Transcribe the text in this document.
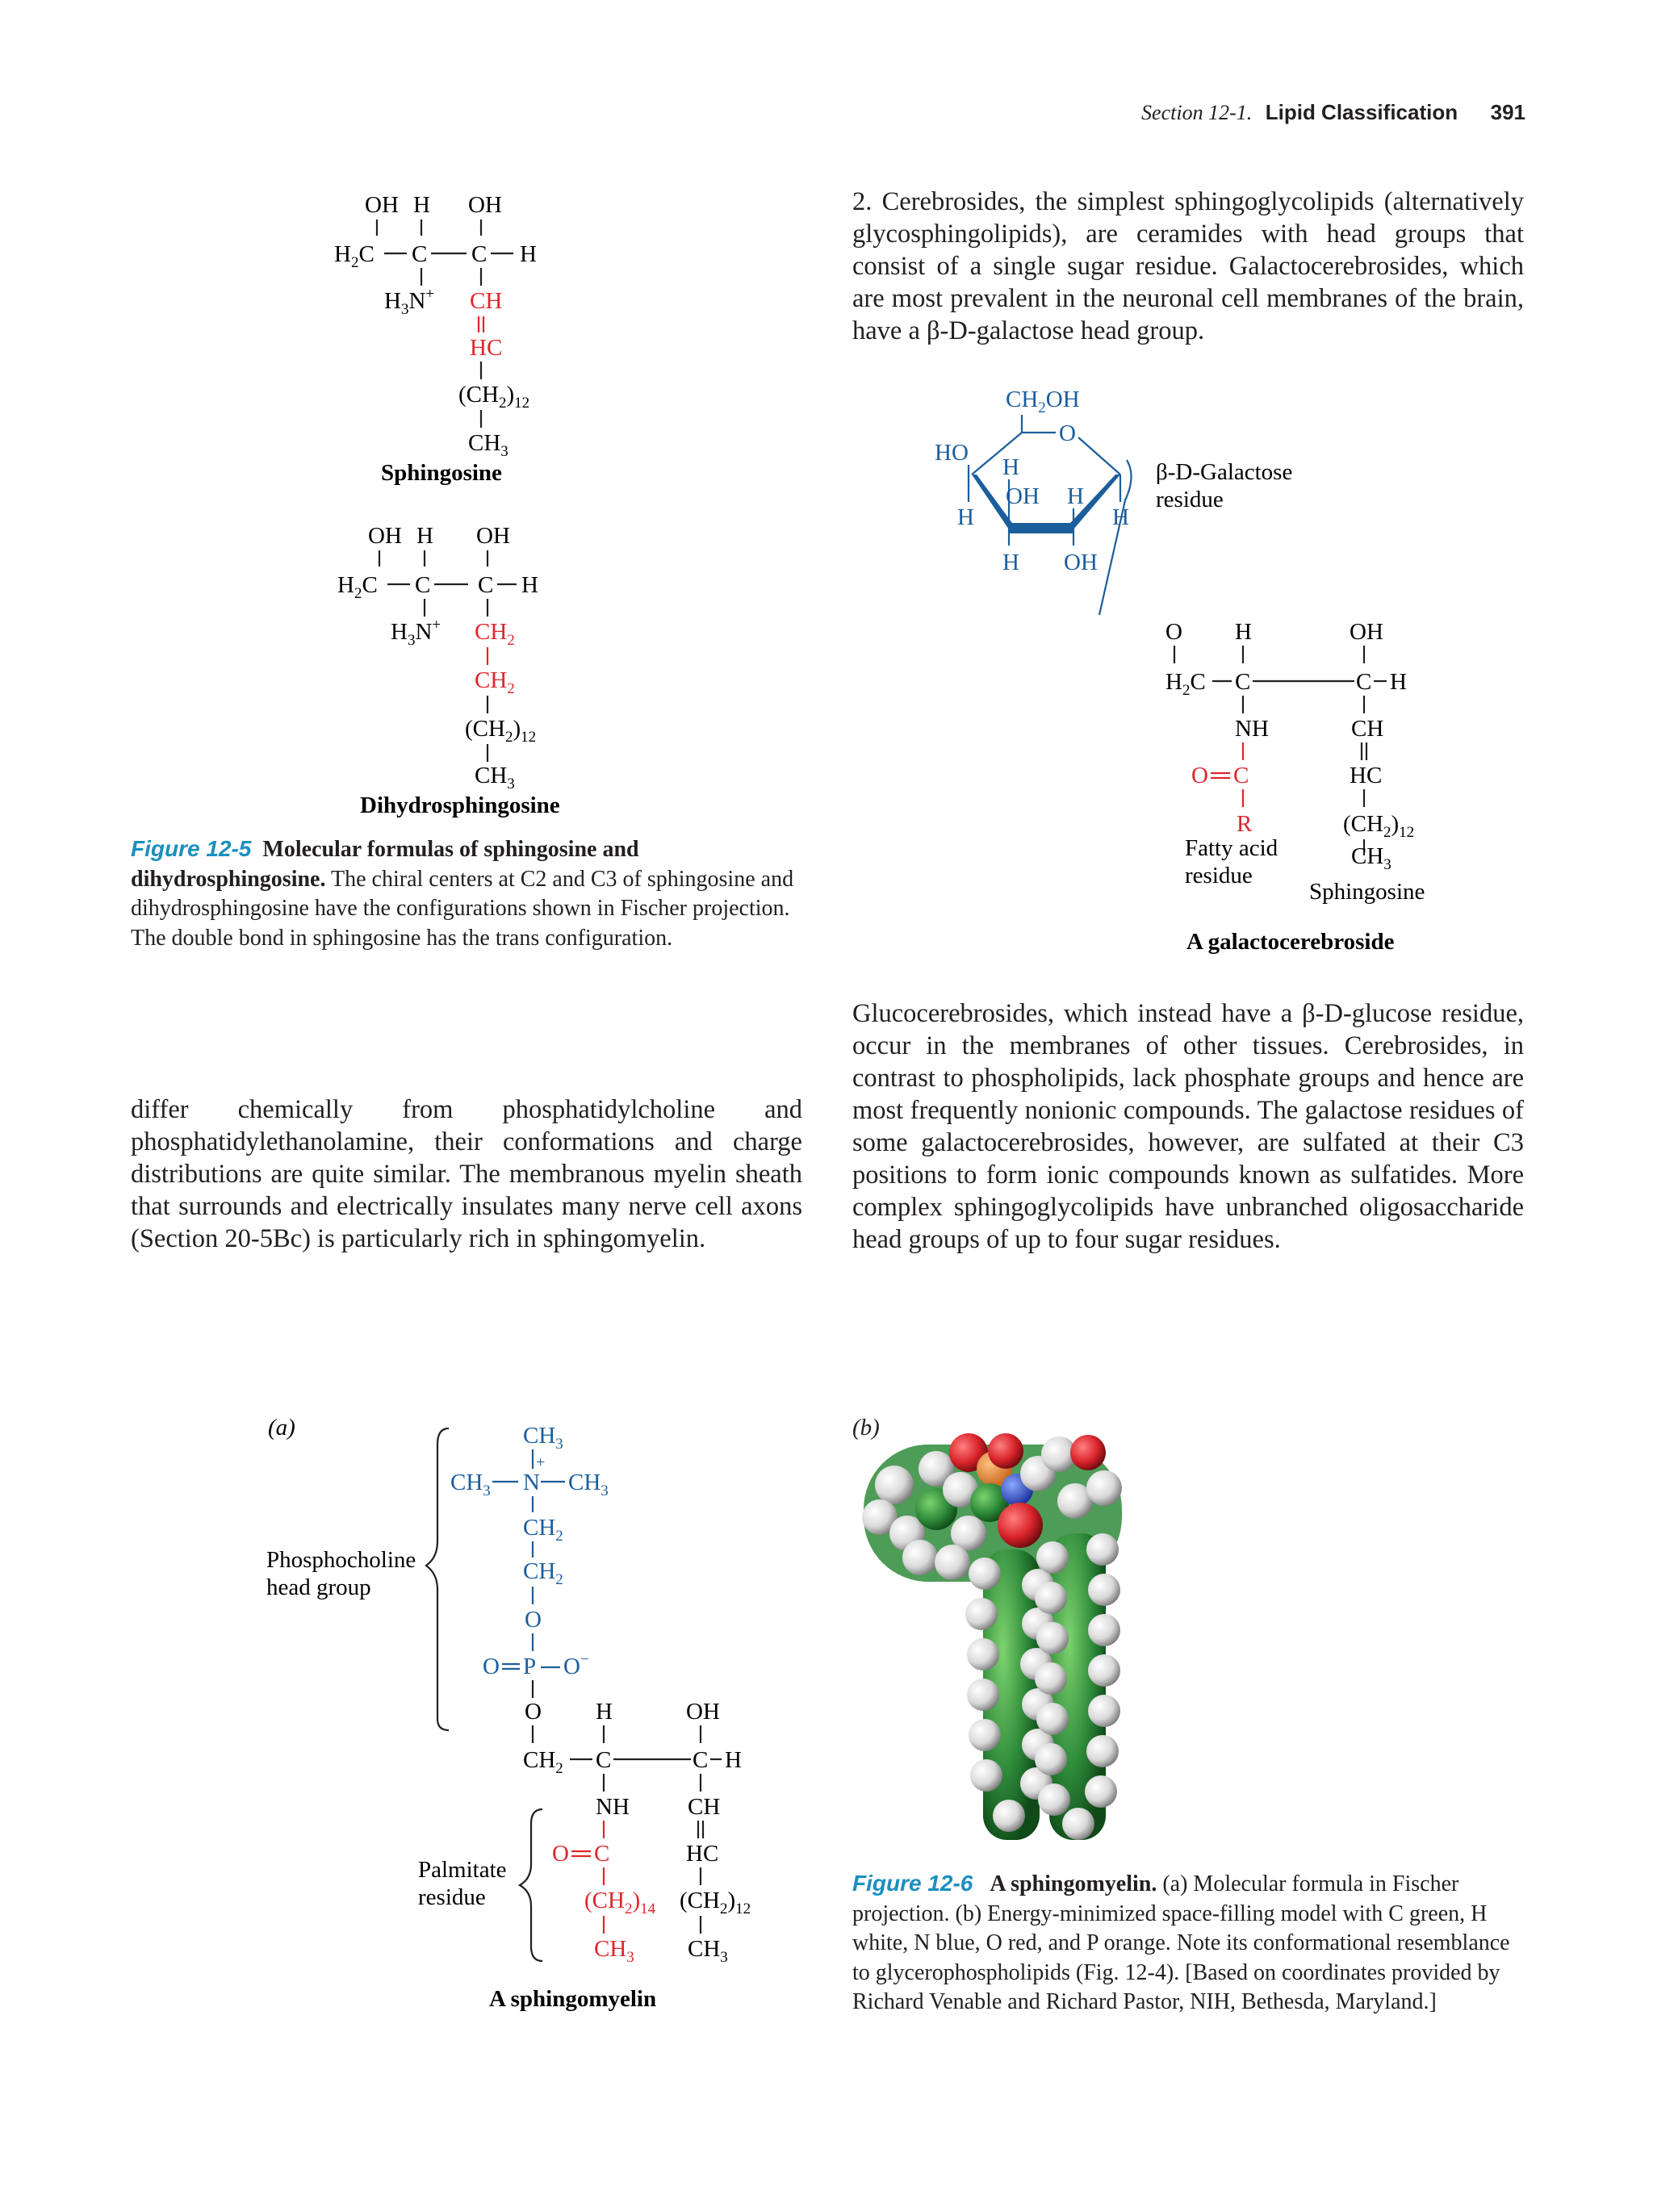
Section 12-1. Lipid Classification 391
OH H OH
$H_2C$ C C H
$H_3N^+$ CH
HC
$(CH_2)_{12}$
$CH_3$
Sphingosine
OH H OH
$H_2C$ C C H
$H_3N^+$ $CH_2$
$CH_2$
$(CH_2)_{12}$
$CH_3$
Dihydrosphingosine
Figure 12-5 Molecular formulas of sphingosine and dihydrosphingosine. The chiral centers at C2 and C3 of sphingosine and dihydrosphingosine have the configurations shown in Fischer projection. The double bond in sphingosine has the trans configuration.
2. Cerebrosides, the simplest sphingoglycolipids (alternatively glycosphingolipids), are ceramides with head groups that consist of a single sugar residue. Galactocerebrosides, which are most prevalent in the neuronal cell membranes of the brain, have a β-D-galactose head group.
$CH_2OH$
O
HO
H
H
OH H
H
H OH
β-D-Galactose
residue
O H	OH
$H_2C$ C	C H
NH	CH
O C	HC
R	$(CH_2)_{12}$
Fatty acid
residue
$CH_3$
Sphingosine
A galactocerebroside
Glucocerebrosides, which instead have a β-D-glucose residue, occur in the membranes of other tissues. Cerebrosides, in contrast to phospholipids, lack phosphate groups and hence are most frequently nonionic compounds. The galactose residues of some galactocerebrosides, however, are sulfated at their C3 positions to form ionic compounds known as sulfatides. More complex sphingoglycolipids have unbranched oligosaccharide head groups of up to four sugar residues.
differ chemically from phosphatidylcholine and phosphatidylethanolamine, their conformations and charge distributions are quite similar. The membranous myelin sheath that surrounds and electrically insulates many nerve cell axons (Section 20-5Bc) is particularly rich in sphingomyelin.
(a)
Phosphocholine
head group
$CH_3$
+
$CH_3$ N $CH_3$
$CH_2$
$CH_2$
O
O P O−
O H	OH
$CH_2$ C	C H
NH CH
Palmitate
residue
O C	HC
$(CH_2)_{14}$ $(CH_2)_{12}$
$CH_3$ $CH_3$
A sphingomyelin
(b)
Figure 12-6 A sphingomyelin. (a) Molecular formula in Fischer projection. (b) Energy-minimized space-filling model with C green, H white, N blue, O red, and P orange. Note its conformational resemblance to glycerophospholipids (Fig. 12-4). [Based on coordinates provided by Richard Venable and Richard Pastor, NIH, Bethesda, Maryland.]
